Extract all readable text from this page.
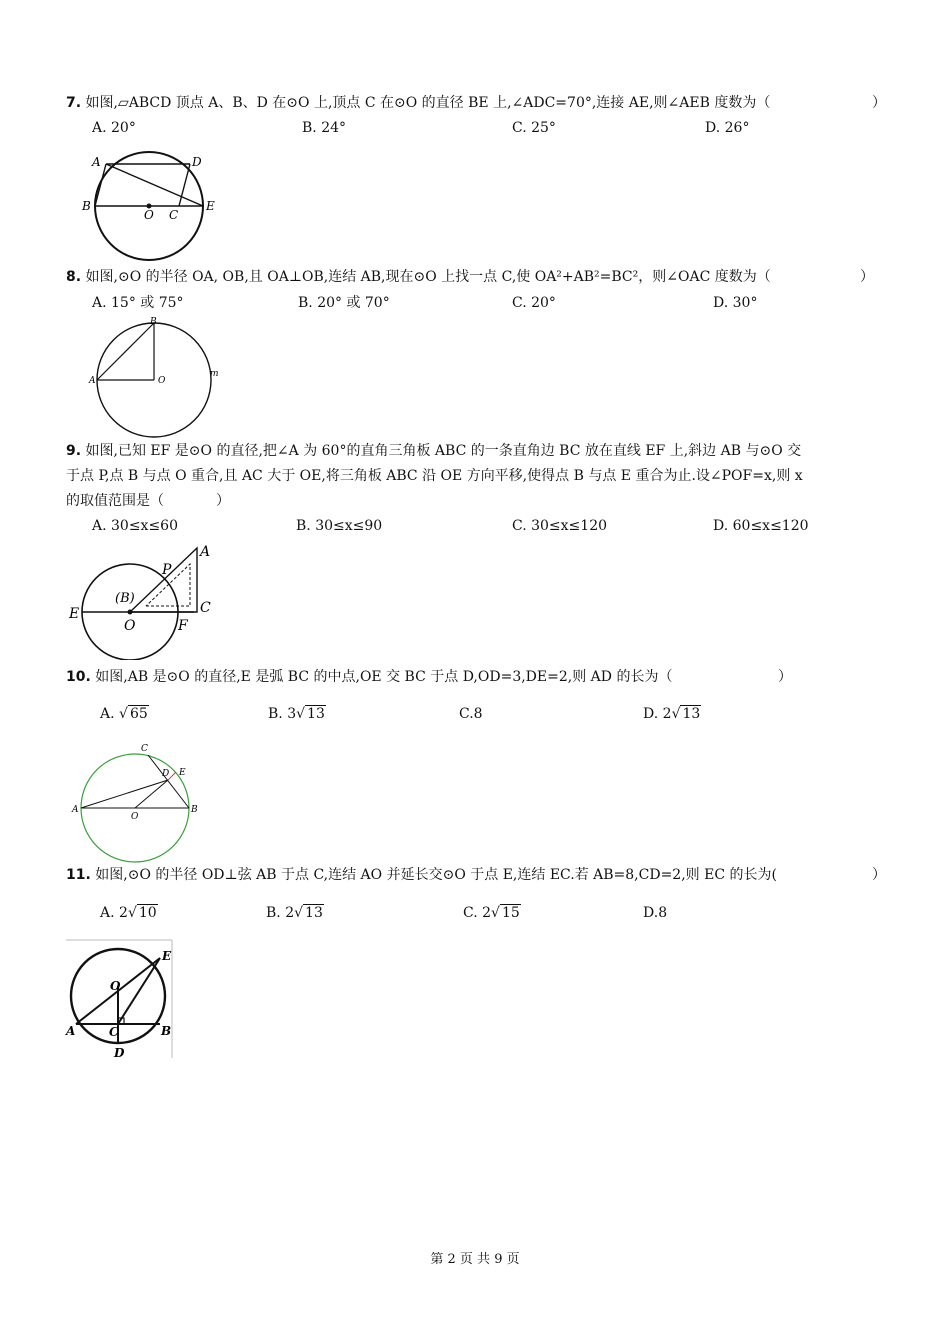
7. 如图,▱ABCD 顶点 A、B、D 在⊙O 上,顶点 C 在⊙O 的直径 BE 上,∠ADC=70°,连接 AE,则∠AEB 度数为（	）
A. 20°	B. 24°	C. 25°	D. 26°
A	D
B
O C
E
8. 如图,⊙O 的半径 OA, OB,且 OA⊥OB,连结 AB,现在⊙O 上找一点 C,使 OA²+AB²=BC²，则∠OAC 度数为（	）
A. 15° 或 75°	B. 20° 或 70°	C. 20°	D. 30°
B
A	O
m
9. 如图,已知 EF 是⊙O 的直径,把∠A 为 60°的直角三角板 ABC 的一条直角边 BC 放在直线 EF 上,斜边 AB 与⊙O 交
于点 P,点 B 与点 O 重合,且 AC 大于 OE,将三角板 ABC 沿 OE 方向平移,使得点 B 与点 E 重合为止.设∠POF=x,则 x
的取值范围是（	）
A. 30≤x≤60	B. 30≤x≤90	C. 30≤x≤120	D. 60≤x≤120
A
P
(B)
E
O
C
F
10. 如图,AB 是⊙O 的直径,E 是弧 BC 的中点,OE 交 BC 于点 D,OD=3,DE=2,则 AD 的长为（	）
A. √ 65	B. 3√ 13	C.8	D. 2√ 13
C
D E
A	B
O
11. 如图,⊙O 的半径 OD⊥弦 AB 于点 C,连结 AO 并延长交⊙O 于点 E,连结 EC.若 AB=8,CD=2,则 EC 的长为(	）
A. 2√ 10	B. 2√ 13	C. 2√ 15	D.8
E
O
A	C	B
D
第 2 页 共 9 页
